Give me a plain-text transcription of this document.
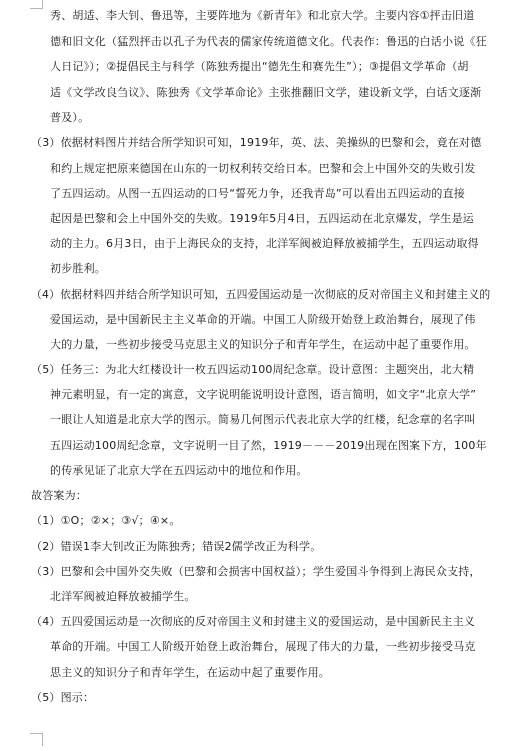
秀、胡适、李大钊、鲁迅等，主要阵地为《新青年》和北京大学。主要内容①抨击旧道
德和旧文化（猛烈抨击以孔子为代表的儒家传统道德文化。代表作：鲁迅的白话小说《狂
人日记》）；②提倡民主与科学（陈独秀提出“德先生和赛先生”）；③提倡文学革命（胡
适《文学改良刍议》、陈独秀《文学革命论》主张推翻旧文学，建设新文学，白话文逐渐
普及）。
（3）依据材料图片并结合所学知识可知，1919年，英、法、美操纵的巴黎和会，竟在对德
和约上规定把原来德国在山东的一切权利转交给日本。巴黎和会上中国外交的失败引发
了五四运动。从图一五四运动的口号“誓死力争，还我青岛”可以看出五四运动的直接
起因是巴黎和会上中国外交的失败。1919年5月4日，五四运动在北京爆发，学生是运
动的主力。6月3日，由于上海民众的支持，北洋军阀被迫释放被捕学生，五四运动取得
初步胜利。
（4）依据材料四并结合所学知识可知，五四爱国运动是一次彻底的反对帝国主义和封建主义的
爱国运动，是中国新民主主义革命的开端。中国工人阶级开始登上政治舞台，展现了伟
大的力量，一些初步接受马克思主义的知识分子和青年学生，在运动中起了重要作用。
（5）任务三：为北大红楼设计一枚五四运动100周纪念章。设计意图：主题突出，北大精
神元素明显，有一定的寓意，文字说明能说明设计意图，语言简明，如文字“北京大学”
一眼让人知道是北京大学的图示。简易几何图示代表北京大学的红楼，纪念章的名字叫
五四运动100周纪念章，文字说明一目了然，1919－－－2019出现在图案下方，100年
的传承见证了北京大学在五四运动中的地位和作用。
故答案为：
（1）①O；②×；③√；④×。
（2）错误1李大钊改正为陈独秀；错误2儒学改正为科学。
（3）巴黎和会中国外交失败（巴黎和会损害中国权益）；学生爱国斗争得到上海民众支持，
北洋军阀被迫释放被捕学生。
（4）五四爱国运动是一次彻底的反对帝国主义和封建主义的爱国运动，是中国新民主主义
革命的开端。中国工人阶级开始登上政治舞台，展现了伟大的力量，一些初步接受马克
思主义的知识分子和青年学生，在运动中起了重要作用。
（5）图示：
